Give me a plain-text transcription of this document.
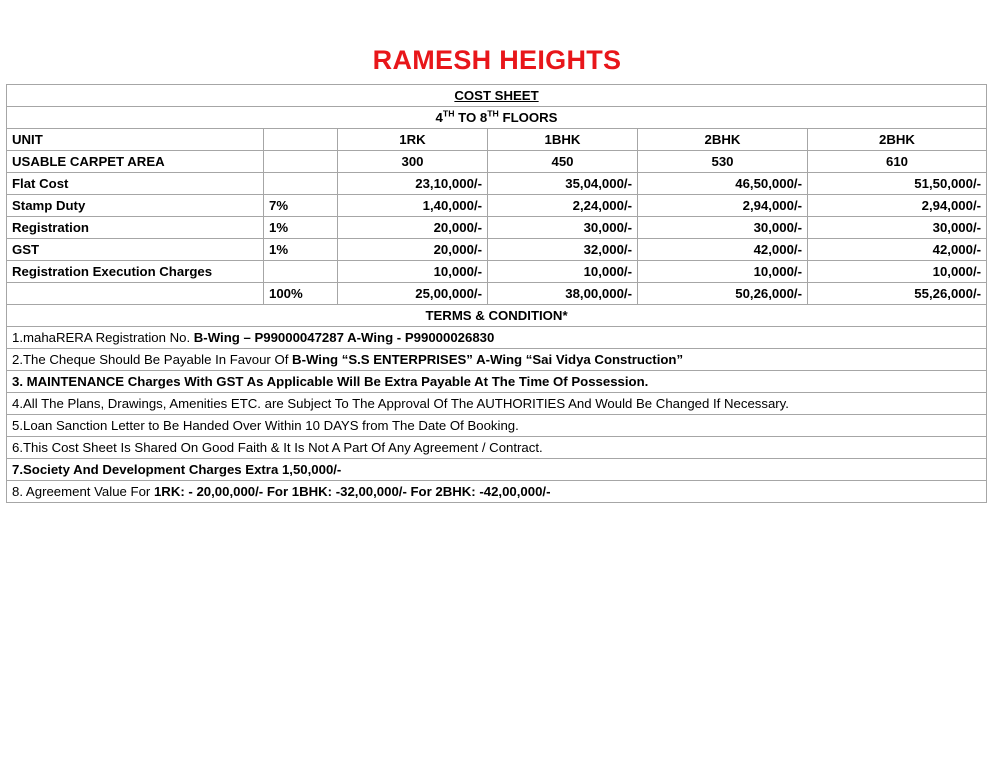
RAMESH HEIGHTS
COST SHEET					
4TH TO 8TH FLOORS					
UNIT		1RK	1BHK	2BHK	2BHK
USABLE CARPET AREA		300	450	530	610
Flat Cost		23,10,000/-	35,04,000/-	46,50,000/-	51,50,000/-
Stamp Duty	7%	1,40,000/-	2,24,000/-	2,94,000/-	2,94,000/-
Registration	1%	20,000/-	30,000/-	30,000/-	30,000/-
GST	1%	20,000/-	32,000/-	42,000/-	42,000/-
Registration Execution Charges		10,000/-	10,000/-	10,000/-	10,000/-
	100%	25,00,000/-	38,00,000/-	50,26,000/-	55,26,000/-
TERMS & CONDITION*					
1.mahaRERA Registration No. B-Wing – P99000047287 A-Wing - P99000026830					
2.The Cheque Should Be Payable In Favour Of B-Wing “S.S ENTERPRISES” A-Wing “Sai Vidya Construction”					
3. MAINTENANCE Charges With GST As Applicable Will Be Extra Payable At The Time Of Possession.					
4.All The Plans, Drawings, Amenities ETC. are Subject To The Approval Of The AUTHORITIES And Would Be Changed If Necessary.					
5.Loan Sanction Letter to Be Handed Over Within 10 DAYS from The Date Of Booking.					
6.This Cost Sheet Is Shared On Good Faith & It Is Not A Part Of Any Agreement / Contract.					
7.Society And Development Charges Extra 1,50,000/-					
8. Agreement Value For 1RK: - 20,00,000/- For 1BHK: -32,00,000/- For 2BHK: -42,00,000/-					
